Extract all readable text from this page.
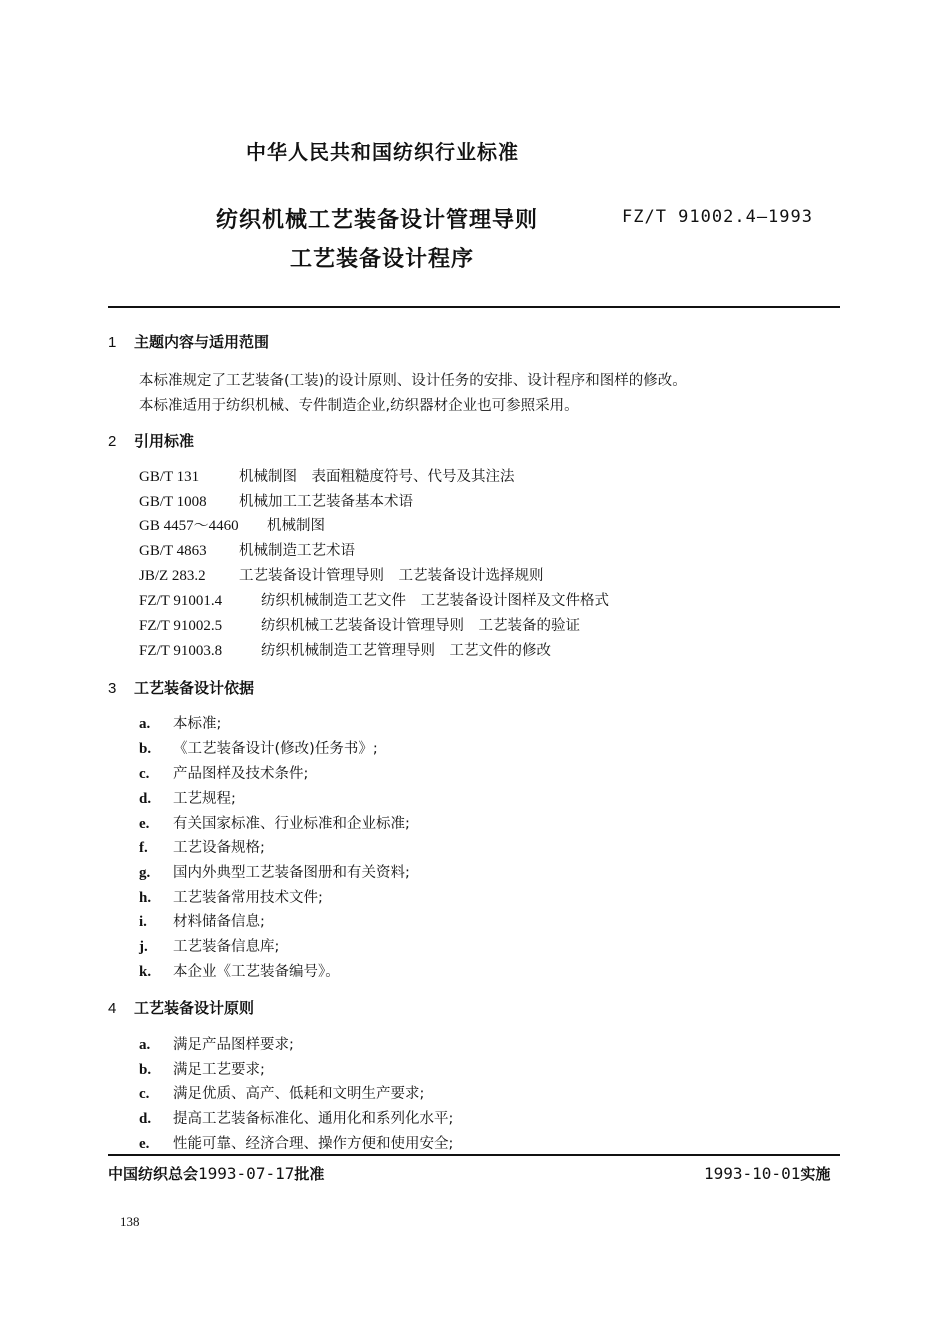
中华人民共和国纺织行业标准
纺织机械工艺装备设计管理导则	FZ/T 91002.4—1993
工艺装备设计程序
1 主题内容与适用范围
本标准规定了工艺装备(工装)的设计原则、设计任务的安排、设计程序和图样的修改。
本标准适用于纺织机械、专件制造企业,纺织器材企业也可参照采用。
2 引用标准
GB/T 131	机械制图　表面粗糙度符号、代号及其注法
GB/T 1008 机械加工工艺装备基本术语
GB 4457～4460 机械制图
GB/T 4863 机械制造工艺术语
JB/Z 283.2 工艺装备设计管理导则　工艺装备设计选择规则
FZ/T 91001.4	纺织机械制造工艺文件　工艺装备设计图样及文件格式
FZ/T 91002.5	纺织机械工艺装备设计管理导则　工艺装备的验证
FZ/T 91003.8	纺织机械制造工艺管理导则　工艺文件的修改
3 工艺装备设计依据
a. 本标准;
b. 《工艺装备设计(修改)任务书》;
c. 产品图样及技术条件;
d. 工艺规程;
e. 有关国家标准、行业标准和企业标准;
f. 工艺设备规格;
g. 国内外典型工艺装备图册和有关资料;
h. 工艺装备常用技术文件;
i. 材料储备信息;
j. 工艺装备信息库;
k. 本企业《工艺装备编号》。
4 工艺装备设计原则
a. 满足产品图样要求;
b. 满足工艺要求;
c. 满足优质、高产、低耗和文明生产要求;
d. 提高工艺装备标准化、通用化和系列化水平;
e. 性能可靠、经济合理、操作方便和使用安全;
中国纺织总会1993-07-17批准	1993-10-01实施
138
